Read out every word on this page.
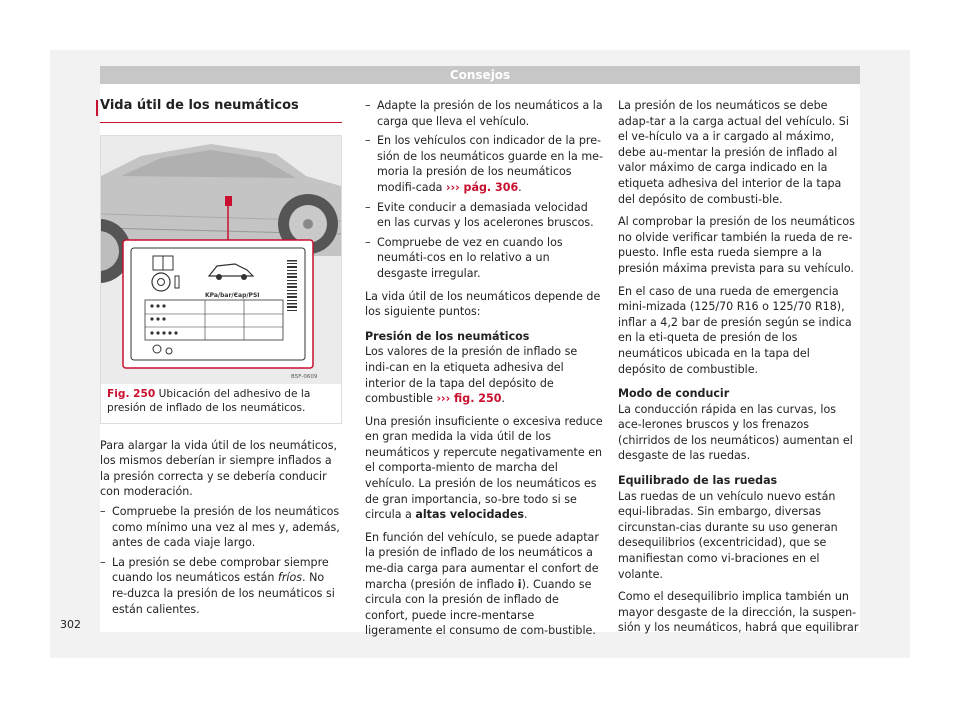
Consejos
Vida útil de los neumáticos
KPa/bar/Єap/PSI
B5F-0609
Fig. 250 Ubicación del adhesivo de la presión de inflado de los neumáticos.

Para alargar la vida útil de los neumáticos, los mismos deberían ir siempre inflados a la presión correcta y se debería conducir con moderación.

– Compruebe la presión de los neumáticos como mínimo una vez al mes y, además, antes de cada viaje largo.
– La presión se debe comprobar siempre cuando los neumáticos están fríos. No re-duzca la presión de los neumáticos si están calientes.
– Adapte la presión de los neumáticos a la carga que lleva el vehículo.
– En los vehículos con indicador de la pre-sión de los neumáticos guarde en la me-moria la presión de los neumáticos modifi-cada ››› pág. 306.
– Evite conducir a demasiada velocidad en las curvas y los acelerones bruscos.
– Compruebe de vez en cuando los neumáti-cos en lo relativo a un desgaste irregular.

La vida útil de los neumáticos depende de los siguiente puntos:

Presión de los neumáticos

Los valores de la presión de inflado se indi-can en la etiqueta adhesiva del interior de la tapa del depósito de combustible ››› fig. 250.

Una presión insuficiente o excesiva reduce en gran medida la vida útil de los neumáticos y repercute negativamente en el comporta-miento de marcha del vehículo. La presión de los neumáticos es de gran importancia, so-bre todo si se circula a altas velocidades.

En función del vehículo, se puede adaptar la presión de inflado de los neumáticos a me-dia carga para aumentar el confort de marcha (presión de inflado i). Cuando se circula con la presión de inflado de confort, puede incre-mentarse ligeramente el consumo de com-bustible.

La presión de los neumáticos se debe adap-tar a la carga actual del vehículo. Si el ve-hículo va a ir cargado al máximo, debe au-mentar la presión de inflado al valor máximo de carga indicado en la etiqueta adhesiva del interior de la tapa del depósito de combusti-ble.

Al comprobar la presión de los neumáticos no olvide verificar también la rueda de re-puesto. Infle esta rueda siempre a la presión máxima prevista para su vehículo.

En el caso de una rueda de emergencia mini-mizada (125/70 R16 o 125/70 R18), inflar a 4,2 bar de presión según se indica en la eti-queta de presión de los neumáticos ubicada en la tapa del depósito de combustible.

Modo de conducir

La conducción rápida en las curvas, los ace-lerones bruscos y los frenazos (chirridos de los neumáticos) aumentan el desgaste de las ruedas.

Equilibrado de las ruedas

Las ruedas de un vehículo nuevo están equi-libradas. Sin embargo, diversas circunstan-cias durante su uso generan desequilibrios (excentricidad), que se manifiestan como vi-braciones en el volante.

Como el desequilibrio implica también un mayor desgaste de la dirección, la suspen-sión y los neumáticos, habrá que equilibrar

302
